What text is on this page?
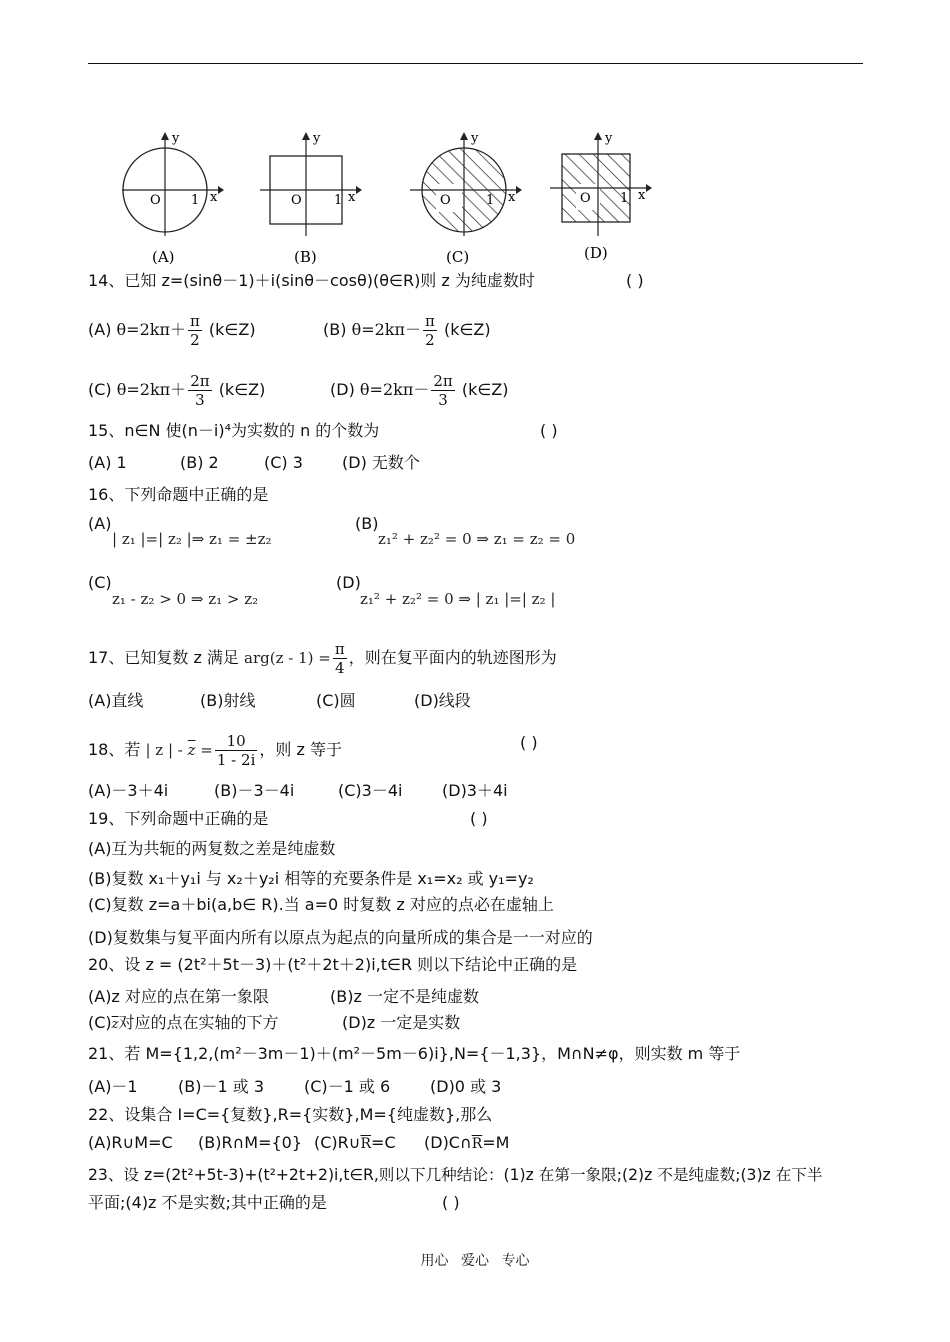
y
x
O 1
(A)
y
x
O 1
(B)
y
x
O	1
(C)
y
x
O 1
(D)
14、已知 z=(sinθ－1)＋i(sinθ－cosθ)(θ∈R)则 z 为纯虚数时	( )
(A) $\theta=2k\pi+ \frac{\pi}{2}$ (k∈Z)	(B) $\theta=2k\pi- \frac{\pi}{2}$ (k∈Z)
(C) $\theta=2k\pi+ \frac{2\pi}{3}$ (k∈Z)	(D) $\theta=2k\pi- \frac{2\pi}{3}$ (k∈Z)
15、n∈N 使(n－i)⁴为实数的 n 的个数为	( )
(A) 1	(B) 2	(C) 3 (D) 无数个
16、下列命题中正确的是
(A)
| z₁ |=| z₂ |⇒ z₁ = ±z₂
(B)
z₁² + z₂² = 0 ⇒ z₁ = z₂ = 0
(C)
z₁ - z₂ > 0 ⇒ z₁ > z₂
(D)
z₁² + z₂² = 0 ⇒ | z₁ |=| z₂ |
17、已知复数 z 满足 $arg(z - 1) = \frac{\pi}{4}$ ，则在复平面内的轨迹图形为
(A)直线	(B)射线	(C)圆	(D)线段
18、若 | z | - $\overline{z} = \frac{10}{1 - 2i}$ ，则 z 等于	( )
(A)－3＋4i	(B)－3－4i	(C)3－4i (D)3＋4i
19、下列命题中正确的是	( )
(A)互为共轭的两复数之差是纯虚数
(B)复数 x₁＋y₁i 与 x₂＋y₂i 相等的充要条件是 x₁=x₂ 或 y₁=y₂
(C)复数 z=a＋bi(a,b∈ R).当 a=0 时复数 z 对应的点必在虚轴上
(D)复数集与复平面内所有以原点为起点的向量所成的集合是一一对应的
20、设 z = (2t²＋5t－3)＋(t²＋2t＋2)i,t∈R 则以下结论中正确的是
(A)z 对应的点在第一象限	(B)z 一定不是纯虚数
$(C)\overline{z}$对应的点在实轴的下方	(D)z 一定是实数
21、若 M={1,2,(m²－3m－1)＋(m²－5m－6)i},N={－1,3}，M∩N≠φ，则实数 m 等于
(A)－1	(B)－1 或 3	(C)－1 或 6 (D)0 或 3
22、设集合 I=C={复数},R={实数},M={纯虚数},那么
(A)R∪M=C (B)R∩M={0} $(C)R\cup\overline{R}=C$ $(D)C\cap\overline{R}=M$
23、设 z=(2t²+5t-3)+(t²+2t+2)i,t∈R,则以下几种结论：(1)z 在第一象限;(2)z 不是纯虚数;(3)z 在下半
平面;(4)z 不是实数;其中正确的是	( )
用心 爱心 专心
